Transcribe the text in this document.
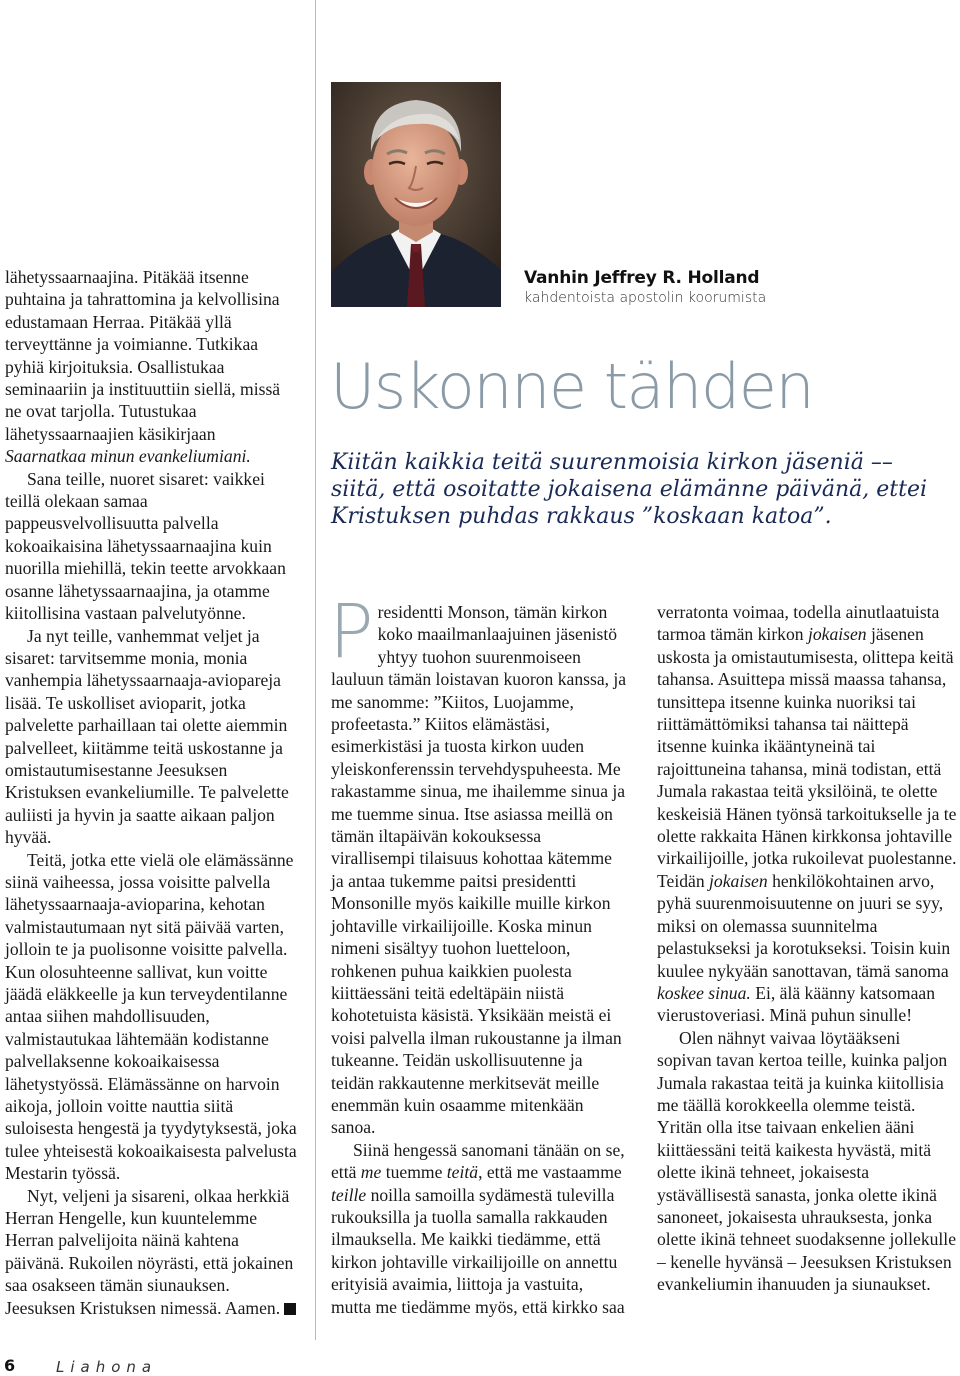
lähetyssaarnaajina. Pitäkää itsenne puhtaina ja tahrattomina ja kelvollisina edustamaan Herraa. Pitäkää yllä terveyttänne ja voimianne. Tutkikaa pyhiä kirjoituksia. Osallistukaa seminaariin ja instituuttiin siellä, missä ne ovat tarjolla. Tutustukaa lähetyssaarnaajien käsikirjaan Saarnatkaa minun evankeliumiani.

Sana teille, nuoret sisaret: vaikkei teillä olekaan samaa pappeusvelvollisuutta palvella kokoaikaisina lähetyssaarnaajina kuin nuorilla miehillä, tekin teette arvokkaan osanne lähetyssaarnaajina, ja otamme kiitollisina vastaan palvelutyönne.

Ja nyt teille, vanhemmat veljet ja sisaret: tarvitsemme monia, monia vanhempia lähetyssaarnaaja-aviopareja lisää. Te uskolliset avioparit, jotka palvelette parhaillaan tai olette aiemmin palvelleet, kiitämme teitä uskostanne ja omistautumisestanne Jeesuksen Kristuksen evankeliumille. Te palvelette auliisti ja hyvin ja saatte aikaan paljon hyvää.

Teitä, jotka ette vielä ole elämässänne siinä vaiheessa, jossa voisitte palvella lähetyssaarnaaja-avioparina, kehotan valmistautumaan nyt sitä päivää varten, jolloin te ja puolisonne voisitte palvella. Kun olosuhteenne sallivat, kun voitte jäädä eläkkeelle ja kun terveydentilanne antaa siihen mahdollisuuden, valmistautukaa lähtemään kodistanne palvellaksenne kokoaikaisessa lähetystyössä. Elämässänne on harvoin aikoja, jolloin voitte nauttia siitä suloisesta hengestä ja tyydytyksestä, joka tulee yhteisestä kokoaikaisesta palvelusta Mestarin työssä.

Nyt, veljeni ja sisareni, olkaa herkkiä Herran Hengelle, kun kuuntelemme Herran palvelijoita näinä kahtena päivänä. Rukoilen nöyrästi, että jokainen saa osakseen tämän siunauksen. Jeesuksen Kristuksen nimessä. Aamen.

Vanhin Jeffrey R. Holland
kahdentoista apostolin koorumista
Uskonne tähden
Kiitän kaikkia teitä suurenmoisia kirkon jäseniä –– siitä, että osoitatte jokaisena elämänne päivänä, ettei Kristuksen puhdas rakkaus ”koskaan katoa”.

Presidentti Monson, tämän kirkon koko maailmanlaajuinen jäsenistö yhtyy tuohon suurenmoiseen lauluun tämän loistavan kuoron kanssa, ja me sanomme: ”Kiitos, Luojamme, profeetasta.” Kiitos elämästäsi, esimerkistäsi ja tuosta kirkon uuden yleiskonferenssin tervehdyspuheesta. Me rakastamme sinua, me ihailemme sinua ja me tuemme sinua. Itse asiassa meillä on tämän iltapäivän kokouksessa virallisempi tilaisuus kohottaa kätemme ja antaa tukemme paitsi presidentti Monsonille myös kaikille muille kirkon johtaville virkailijoille. Koska minun nimeni sisältyy tuohon luetteloon, rohkenen puhua kaikkien puolesta kiittäessäni teitä edeltäpäin niistä kohotetuista käsistä. Yksikään meistä ei voisi palvella ilman rukoustanne ja ilman tukeanne. Teidän uskollisuutenne ja teidän rakkautenne merkitsevät meille enemmän kuin osaamme mitenkään sanoa.

Siinä hengessä sanomani tänään on se, että me tuemme teitä, että me vastaamme teille noilla samoilla sydämestä tulevilla rukouksilla ja tuolla samalla rakkauden ilmauksella. Me kaikki tiedämme, että kirkon johtaville virkailijoille on annettu erityisiä avaimia, liittoja ja vastuita, mutta me tiedämme myös, että kirkko saa

verratonta voimaa, todella ainutlaatuista tarmoa tämän kirkon jokaisen jäsenen uskosta ja omistautumisesta, olittepa keitä tahansa. Asuittepa missä maassa tahansa, tunsittepa itsenne kuinka nuoriksi tai riittämättömiksi tahansa tai näittepä itsenne kuinka ikääntyneinä tai rajoittuneina tahansa, minä todistan, että Jumala rakastaa teitä yksilöinä, te olette keskeisiä Hänen työnsä tarkoitukselle ja te olette rakkaita Hänen kirkkonsa johtaville virkailijoille, jotka rukoilevat puolestanne. Teidän jokaisen henkilökohtainen arvo, pyhä suurenmoisuutenne on juuri se syy, miksi on olemassa suunnitelma pelastukseksi ja korotukseksi. Toisin kuin kuulee nykyään sanottavan, tämä sanoma koskee sinua. Ei, älä käänny katsomaan vierustoveriasi. Minä puhun sinulle!

Olen nähnyt vaivaa löytääkseni sopivan tavan kertoa teille, kuinka paljon Jumala rakastaa teitä ja kuinka kiitollisia me täällä korokkeella olemme teistä. Yritän olla itse taivaan enkelien ääni kiittäessäni teitä kaikesta hyvästä, mitä olette ikinä tehneet, jokaisesta ystävällisestä sanasta, jonka olette ikinä sanoneet, jokaisesta uhrauksesta, jonka olette ikinä tehneet suodaksenne jollekulle – kenelle hyvänsä – Jeesuksen Kristuksen evankeliumin ihanuuden ja siunaukset.

6	Liahona
